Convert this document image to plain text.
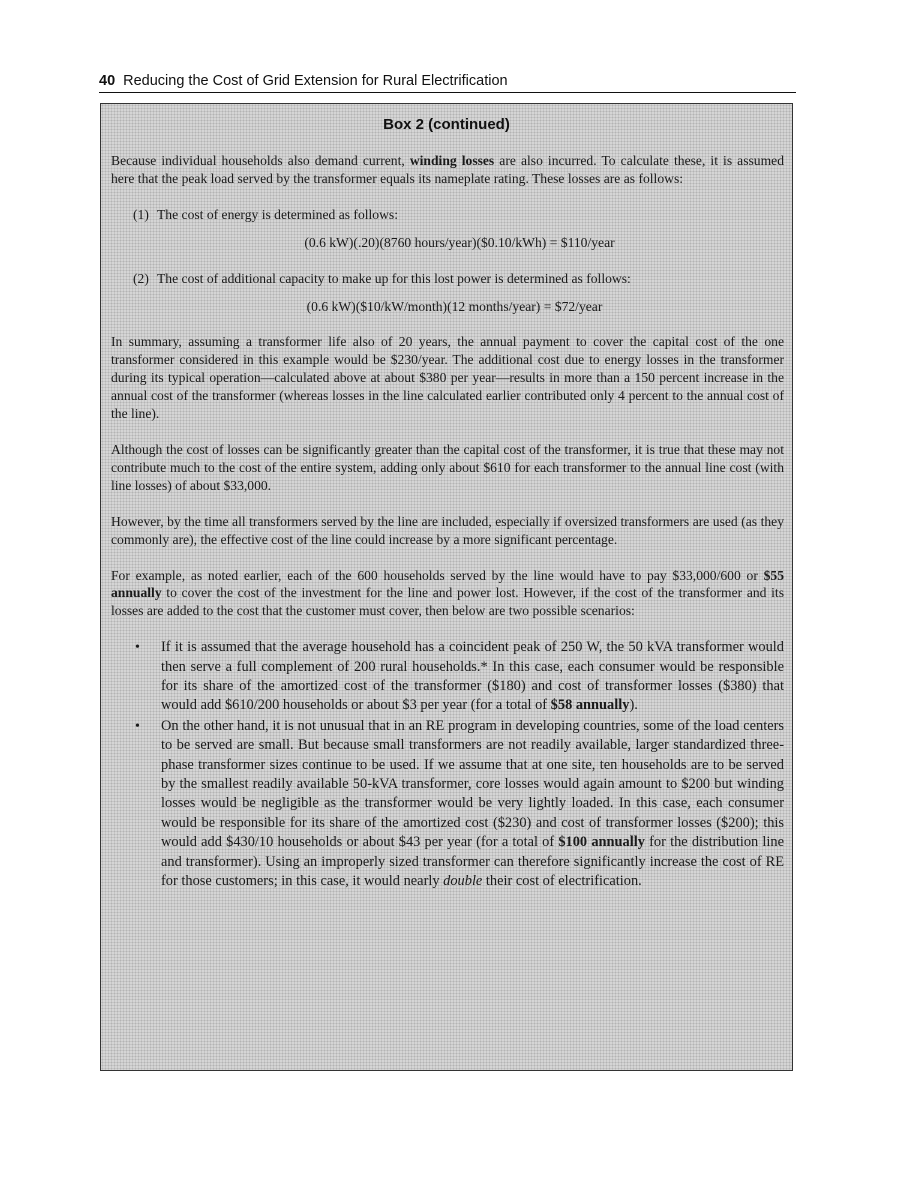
40 Reducing the Cost of Grid Extension for Rural Electrification
Box 2 (continued)

Because individual households also demand current, winding losses are also incurred. To calculate these, it is assumed here that the peak load served by the transformer equals its nameplate rating. These losses are as follows:

(1) The cost of energy is determined as follows:
(0.6 kW)(.20)(8760 hours/year)($0.10/kWh) = $110/year
(2) The cost of additional capacity to make up for this lost power is determined as follows:
(0.6 kW)($10/kW/month)(12 months/year) = $72/year

In summary, assuming a transformer life also of 20 years, the annual payment to cover the capital cost of the one transformer considered in this example would be $230/year. The additional cost due to energy losses in the transformer during its typical operation—calculated above at about $380 per year—results in more than a 150 percent increase in the annual cost of the transformer (whereas losses in the line calculated earlier contributed only 4 percent to the annual cost of the line).

Although the cost of losses can be significantly greater than the capital cost of the transformer, it is true that these may not contribute much to the cost of the entire system, adding only about $610 for each transformer to the annual line cost (with line losses) of about $33,000.

However, by the time all transformers served by the line are included, especially if oversized transformers are used (as they commonly are), the effective cost of the line could increase by a more significant percentage.

For example, as noted earlier, each of the 600 households served by the line would have to pay $33,000/600 or $55 annually to cover the cost of the investment for the line and power lost. However, if the cost of the transformer and its losses are added to the cost that the customer must cover, then below are two possible scenarios:

• If it is assumed that the average household has a coincident peak of 250 W, the 50 kVA transformer would then serve a full complement of 200 rural households.* In this case, each consumer would be responsible for its share of the amortized cost of the transformer ($180) and cost of transformer losses ($380) that would add $610/200 households or about $3 per year (for a total of $58 annually).
• On the other hand, it is not unusual that in an RE program in developing countries, some of the load centers to be served are small. But because small transformers are not readily available, larger standardized three-phase transformer sizes continue to be used. If we assume that at one site, ten households are to be served by the smallest readily available 50-kVA transformer, core losses would again amount to $200 but winding losses would be negligible as the transformer would be very lightly loaded. In this case, each consumer would be responsible for its share of the amortized cost ($230) and cost of transformer losses ($200); this would add $430/10 households or about $43 per year (for a total of $100 annually for the distribution line and transformer). Using an improperly sized transformer can therefore significantly increase the cost of RE for those customers; in this case, it would nearly double their cost of electrification.
